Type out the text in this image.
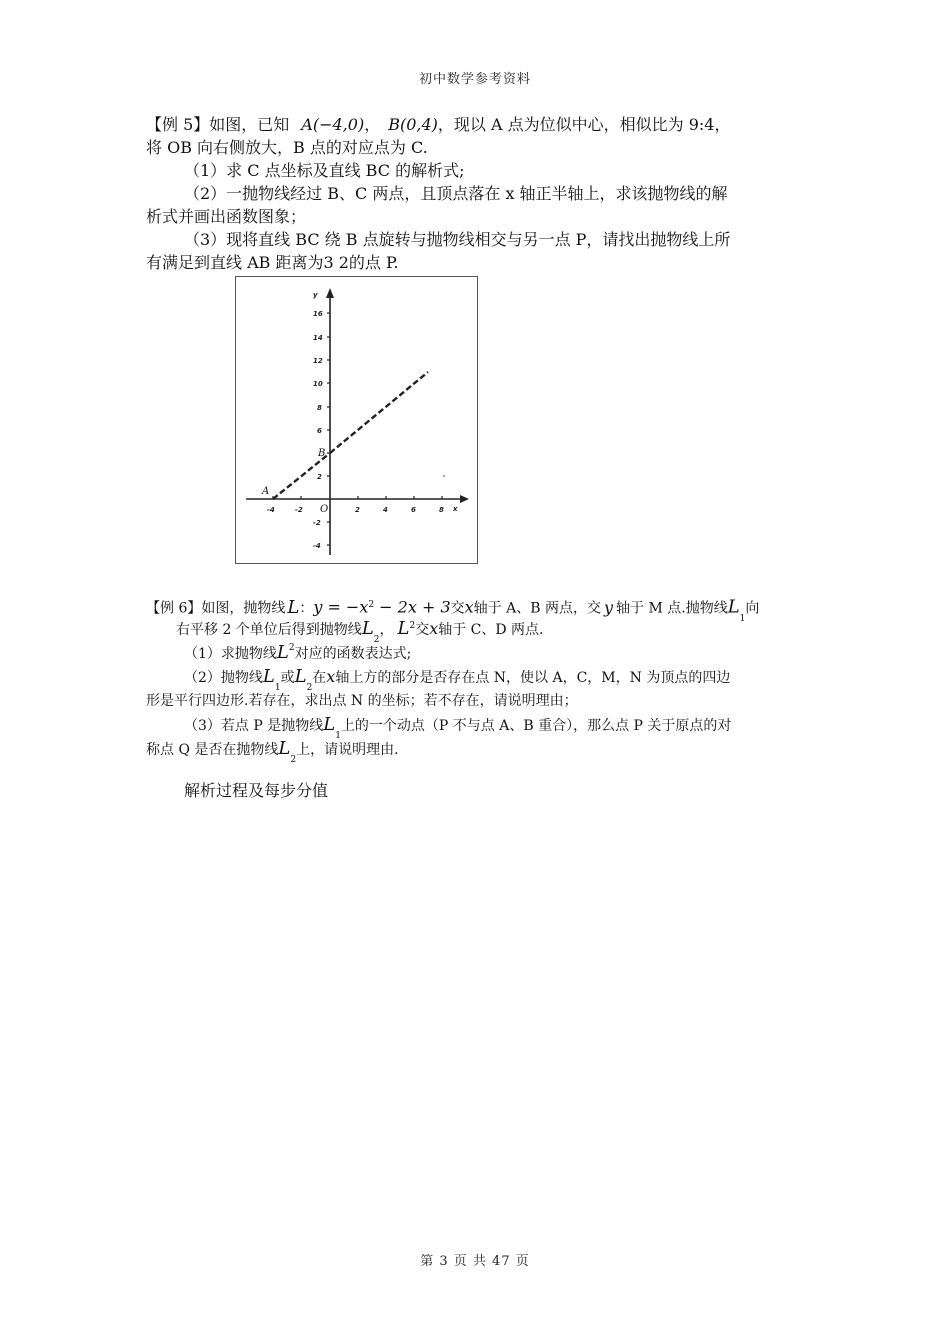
初中数学参考资料
【例 5】如图，已知 A(−4,0)， B(0,4)，现以 A 点为位似中心，相似比为 9:4，
将 OB 向右侧放大，B 点的对应点为 C.
（1）求 C 点坐标及直线 BC 的解析式;
（2）一抛物线经过 B、C 两点，且顶点落在 x 轴正半轴上，求该抛物线的解
析式并画出函数图象；
（3）现将直线 BC 绕 B 点旋转与抛物线相交与另一点 P，请找出抛物线上所
有满足到直线 AB 距离为3 2的点 P.
16
14
12
10
8
6
2
-2
-4
-4	-2	2	4	6	8
y
x
O
A
B
【例 6】如图，抛物线 L：$y = -x^2 - 2x + 3$交x轴于 A、B 两点，交 y 轴于 M 点.抛物线$L_1$向
右平移 2 个单位后得到抛物线$L_2$， $L^2$交x轴于 C、D 两点.
（1）求抛物线$L^2$对应的函数表达式;
（2）抛物线$L_1$或$L_2$在x轴上方的部分是否存在点 N，使以 A，C，M，N 为顶点的四边
形是平行四边形.若存在，求出点 N 的坐标；若不存在，请说明理由；
（3）若点 P 是抛物线$L_1$上的一个动点（P 不与点 A、B 重合），那么点 P 关于原点的对
称点 Q 是否在抛物线$L_2$上，请说明理由.
解析过程及每步分值
第 3 页 共 47 页
